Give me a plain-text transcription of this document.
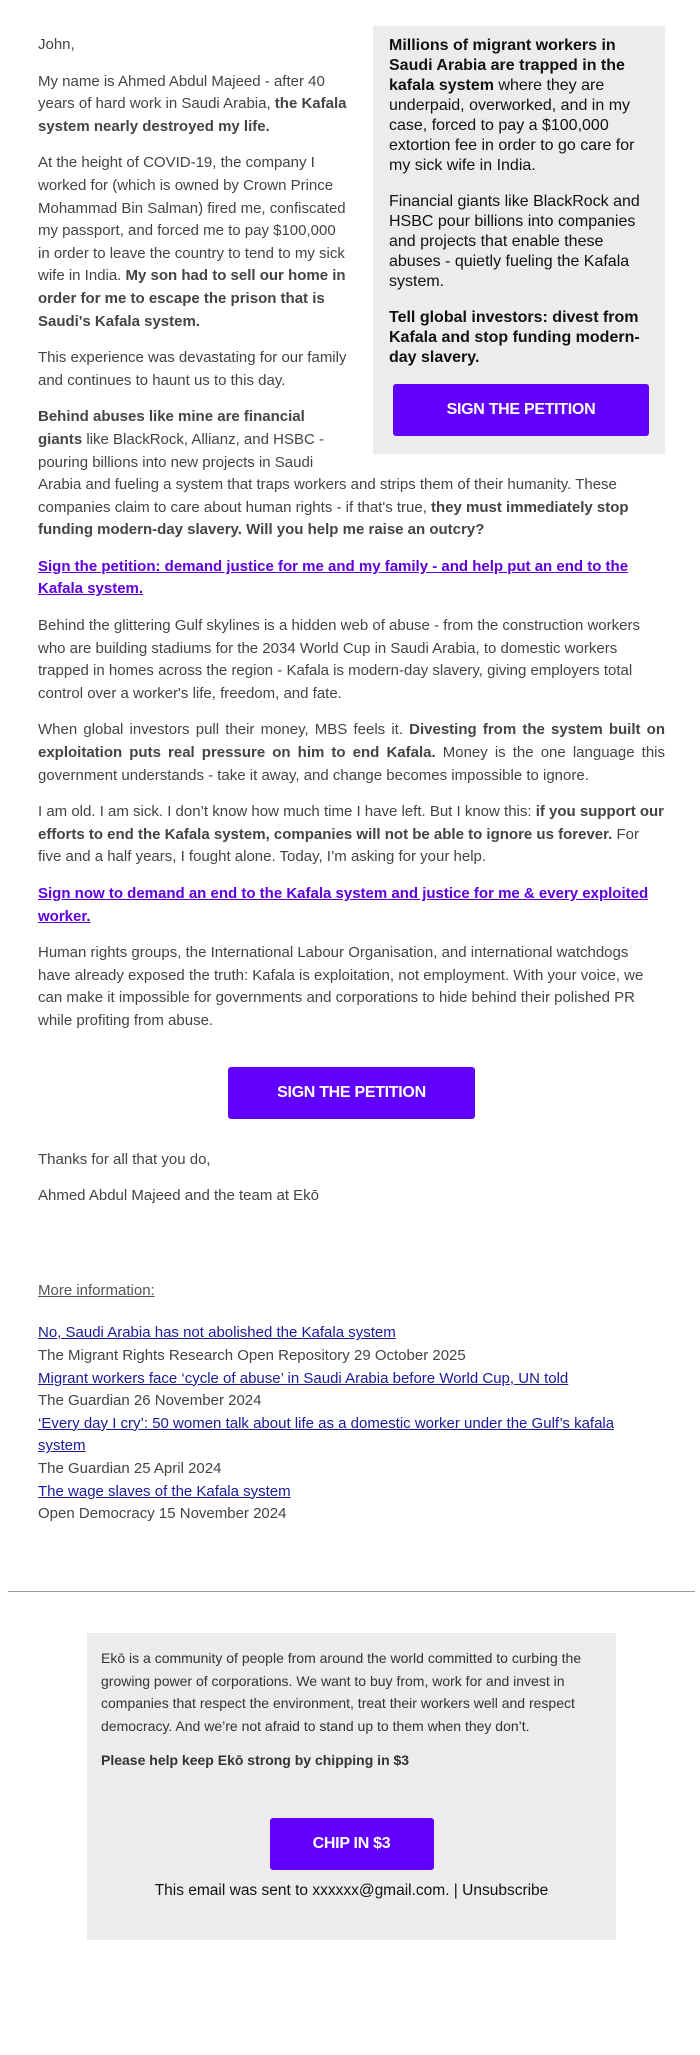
Millions of migrant workers in Saudi Arabia are trapped in the kafala system where they are underpaid, overworked, and in my case, forced to pay a $100,000 extortion fee in order to go care for my sick wife in India.

Financial giants like BlackRock and HSBC pour billions into companies and projects that enable these abuses - quietly fueling the Kafala system.

Tell global investors: divest from Kafala and stop funding modern-day slavery.

SIGN THE PETITION

John,

My name is Ahmed Abdul Majeed - after 40 years of hard work in Saudi Arabia, the Kafala system nearly destroyed my life.

At the height of COVID-19, the company I worked for (which is owned by Crown Prince Mohammad Bin Salman) fired me, confiscated my passport, and forced me to pay $100,000 in order to leave the country to tend to my sick wife in India. My son had to sell our home in order for me to escape the prison that is Saudi's Kafala system.

This experience was devastating for our family and continues to haunt us to this day.

Behind abuses like mine are financial giants like BlackRock, Allianz, and HSBC - pouring billions into new projects in Saudi Arabia and fueling a system that traps workers and strips them of their humanity. These companies claim to care about human rights - if that's true, they must immediately stop funding modern-day slavery. Will you help me raise an outcry?

Sign the petition: demand justice for me and my family - and help put an end to the Kafala system.

Behind the glittering Gulf skylines is a hidden web of abuse - from the construction workers who are building stadiums for the 2034 World Cup in Saudi Arabia, to domestic workers trapped in homes across the region - Kafala is modern-day slavery, giving employers total control over a worker's life, freedom, and fate.

When global investors pull their money, MBS feels it. Divesting from the system built on exploitation puts real pressure on him to end Kafala. Money is the one language this government understands - take it away, and change becomes impossible to ignore.

I am old. I am sick. I don’t know how much time I have left. But I know this: if you support our efforts to end the Kafala system, companies will not be able to ignore us forever. For five and a half years, I fought alone. Today, I’m asking for your help.

Sign now to demand an end to the Kafala system and justice for me & every exploited worker.

Human rights groups, the International Labour Organisation, and international watchdogs have already exposed the truth: Kafala is exploitation, not employment. With your voice, we can make it impossible for governments and corporations to hide behind their polished PR while profiting from abuse.

SIGN THE PETITION

Thanks for all that you do,

Ahmed Abdul Majeed and the team at Ekō

More information:
No, Saudi Arabia has not abolished the Kafala system
The Migrant Rights Research Open Repository 29 October 2025
Migrant workers face ‘cycle of abuse’ in Saudi Arabia before World Cup, UN told
The Guardian 26 November 2024
‘Every day I cry’: 50 women talk about life as a domestic worker under the Gulf’s kafala system
The Guardian 25 April 2024
The wage slaves of the Kafala system
Open Democracy 15 November 2024

Ekō is a community of people from around the world committed to curbing the growing power of corporations. We want to buy from, work for and invest in companies that respect the environment, treat their workers well and respect democracy. And we’re not afraid to stand up to them when they don’t.

Please help keep Ekō strong by chipping in $3

CHIP IN $3
This email was sent to xxxxxx@gmail.com. | Unsubscribe
